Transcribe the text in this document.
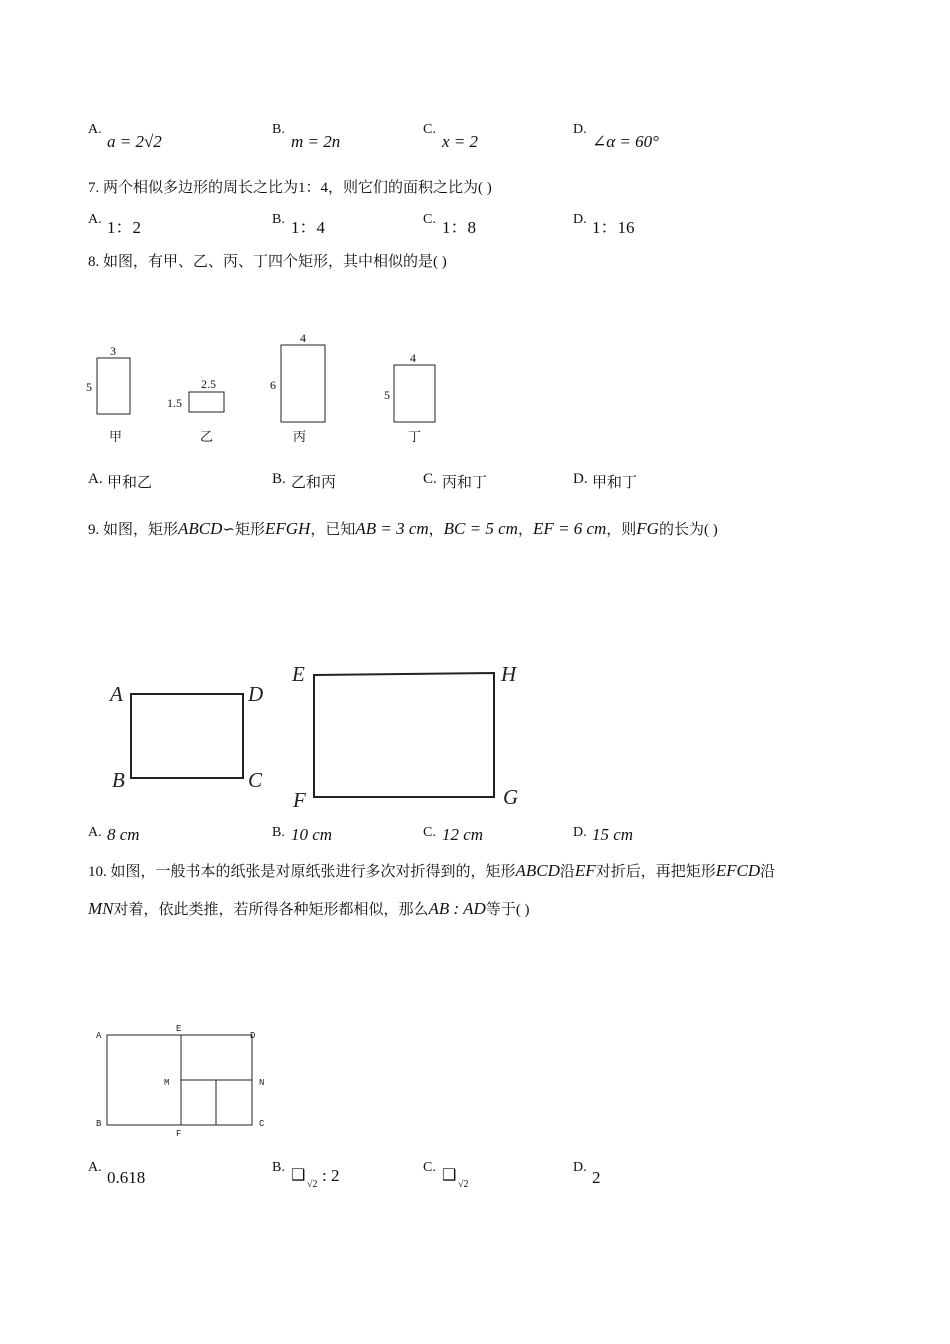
A.
a = 2√2
B.
m = 2n
C.
x = 2
D.
∠α = 60°
7. 两个相似多边形的周长之比为1：4，则它们的面积之比为( )
A. 1：2	B. 1：4	C. 1：8	D. 1：16
8. 如图，有甲、乙、丙、丁四个矩形，其中相似的是( )
3
5
甲
2.5
1.5
乙
4
6
丙
4
5
丁
A. 甲和乙	B. 乙和丙	C. 丙和丁	D. 甲和丁
9. 如图，矩形ABCD∽矩形EFGH，已知AB = 3 cm，BC = 5 cm，EF = 6 cm，则FG的长为( )
A	D
B	C
E	H
F	G
A. 8 cm	B. 10 cm	C. 12 cm	D. 15 cm
10. 如图，一般书本的纸张是对原纸张进行多次对折得到的，矩形ABCD沿EF对折后，再把矩形EFCD沿
MN对着，依此类推，若所得各种矩形都相似，那么AB : AD等于( )
A
E
D
M	N
B
F
C
A.
0.618
B. ❑
√2 : 2	C. ❑
√2
D.
2
